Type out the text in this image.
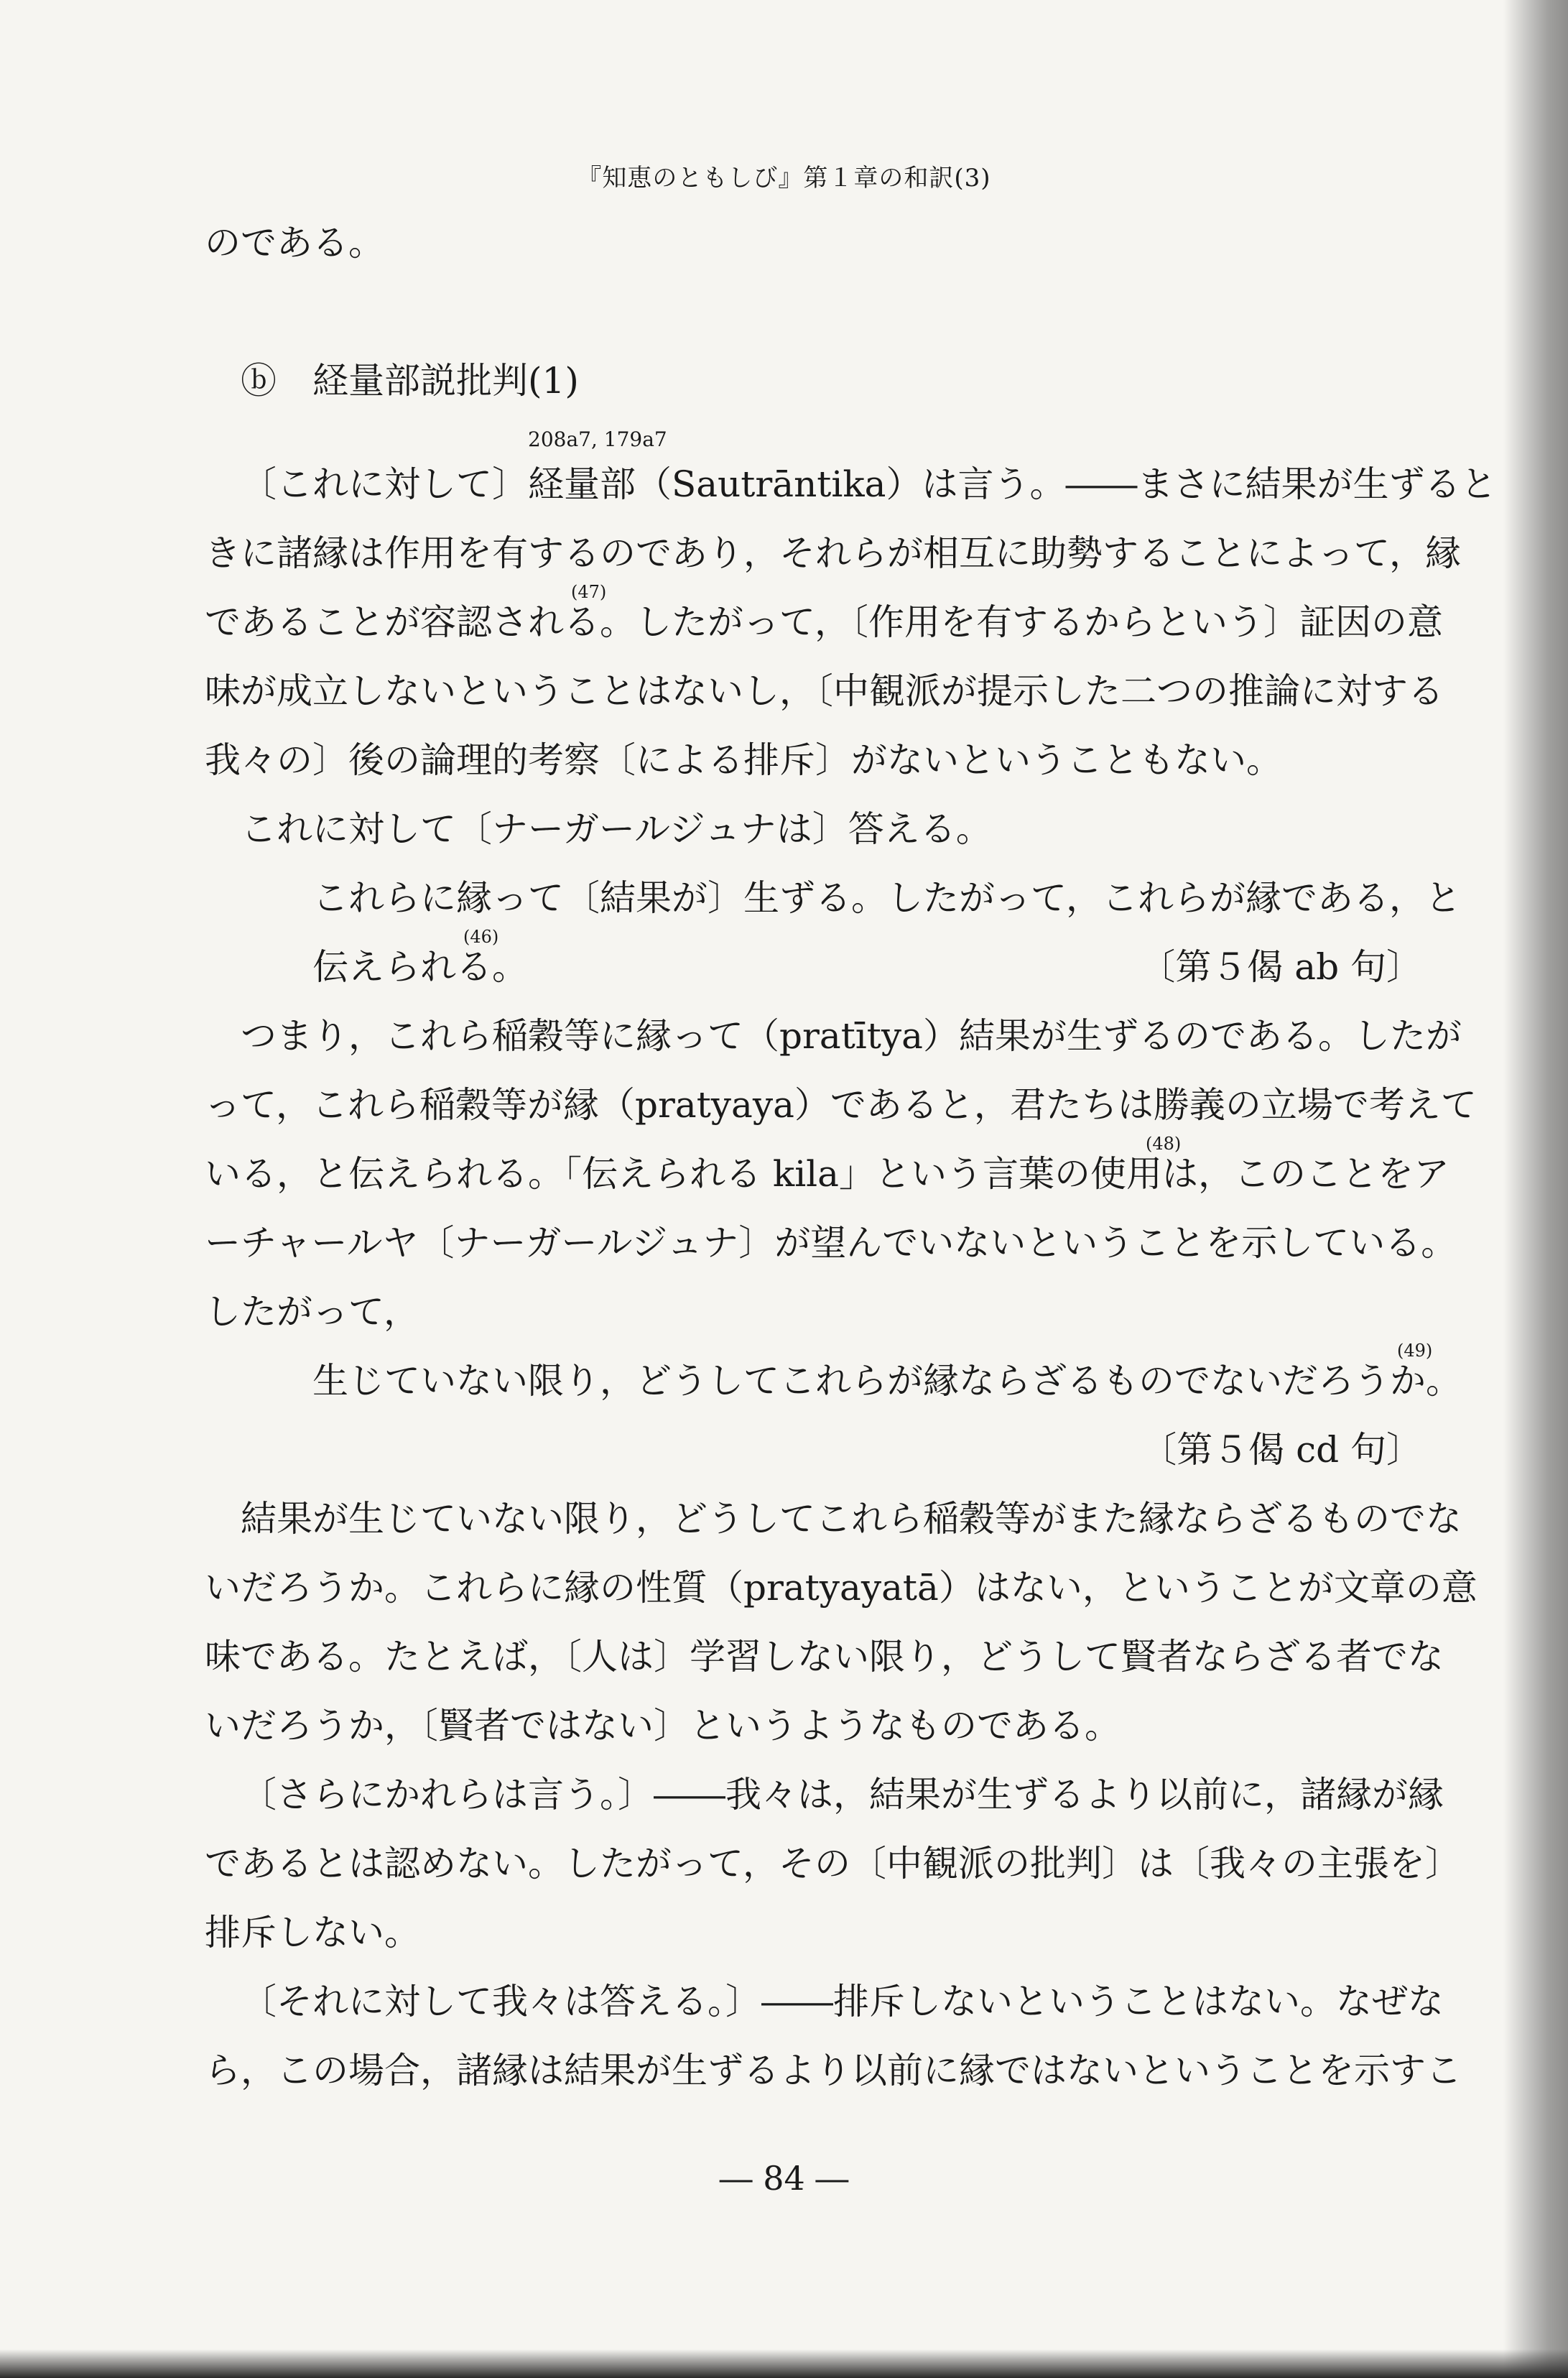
『知恵のともしび』第１章の和訳(3)
のである。
ⓑ　経量部説批判(1)
208a7, 179a7
〔これに対して〕経量部（Sautrāntika）は言う。――まさに結果が生ずると
きに諸縁は作用を有するのであり，それらが相互に助勢することによって，縁
であることが容認される。したがって，〔作用を有するからという〕証因の意
(47)
味が成立しないということはないし，〔中観派が提示した二つの推論に対する
我々の〕後の論理的考察〔による排斥〕がないということもない。
これに対して〔ナーガールジュナは〕答える。
これらに縁って〔結果が〕生ずる。したがって，これらが縁である，と
伝えられる。
(46)
〔第５偈 ab 句〕
つまり，これら稲穀等に縁って（pratītya）結果が生ずるのである。したが
って，これら稲穀等が縁（pratyaya）であると，君たちは勝義の立場で考えて
いる，と伝えられる。「伝えられる kila」という言葉の使用は，このことをア
(48)
ーチャールヤ〔ナーガールジュナ〕が望んでいないということを示している。
したがって，
生じていない限り，どうしてこれらが縁ならざるものでないだろうか。
(49)
〔第５偈 cd 句〕
結果が生じていない限り，どうしてこれら稲穀等がまた縁ならざるものでな
いだろうか。これらに縁の性質（pratyayatā）はない，ということが文章の意
味である。たとえば，〔人は〕学習しない限り，どうして賢者ならざる者でな
いだろうか，〔賢者ではない〕というようなものである。
〔さらにかれらは言う。〕――我々は，結果が生ずるより以前に，諸縁が縁
であるとは認めない。したがって，その〔中観派の批判〕は〔我々の主張を〕
排斥しない。
〔それに対して我々は答える。〕――排斥しないということはない。なぜな
ら，この場合，諸縁は結果が生ずるより以前に縁ではないということを示すこ
― 84 ―
